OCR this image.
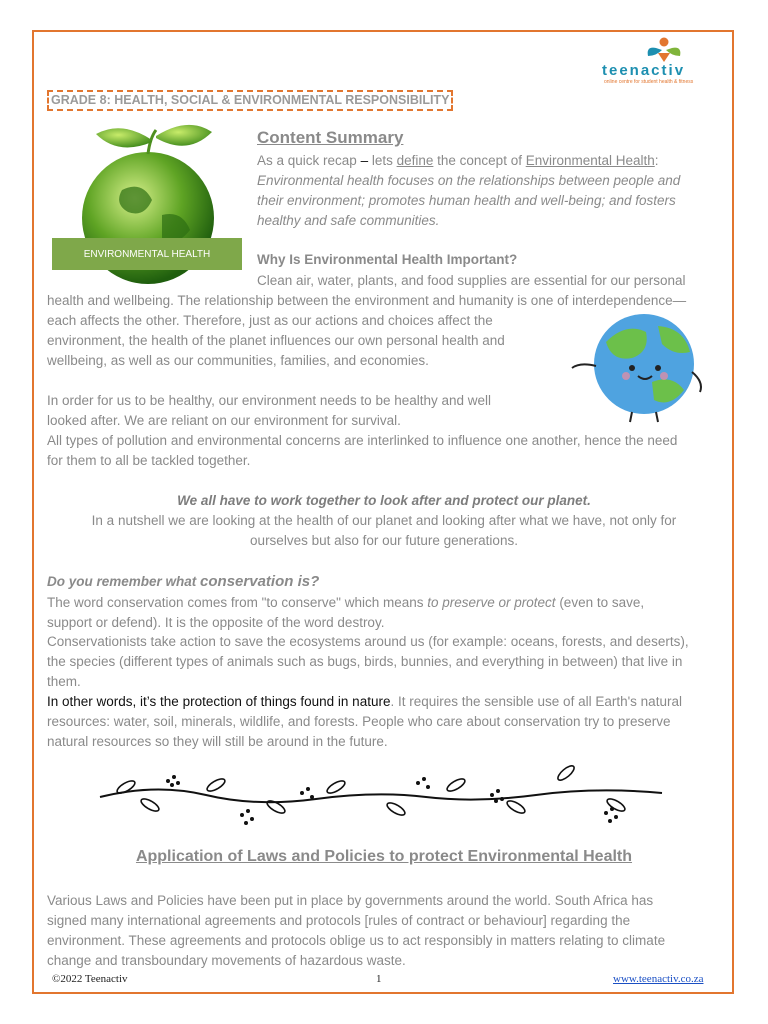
teenactiv
online centre for student health & fitness
GRADE 8: HEALTH, SOCIAL & ENVIRONMENTAL RESPONSIBILITY
ENVIRONMENTAL HEALTH
Content Summary

As a quick recap – lets define the concept of Environmental Health:

Environmental health focuses on the relationships between people and

their environment; promotes human health and well-being; and fosters

healthy and safe communities.

Why Is Environmental Health Important?
Clean air, water, plants, and food supplies are essential for our personal
health and wellbeing. The relationship between the environment and humanity is one of interdependence—
each affects the other. Therefore, just as our actions and choices affect the
environment, the health of the planet influences our own personal health and
wellbeing, as well as our communities, families, and economies.
In order for us to be healthy, our environment needs to be healthy and well
looked after. We are reliant on our environment for survival.
All types of pollution and environmental concerns are interlinked to influence one another, hence the need
for them to all be tackled together.
We all have to work together to look after and protect our planet.
In a nutshell we are looking at the health of our planet and looking after what we have, not only for
ourselves but also for our future generations.
Do you remember what conservation is?
The word conservation comes from "to conserve" which means to preserve or protect (even to save,
support or defend). It is the opposite of the word destroy.
Conservationists take action to save the ecosystems around us (for example: oceans, forests, and deserts),
the species (different types of animals such as bugs, birds, bunnies, and everything in between) that live in
them.
In other words, it’s the protection of things found in nature. It requires the sensible use of all Earth's natural
resources: water, soil, minerals, wildlife, and forests. People who care about conservation try to preserve
natural resources so they will still be around in the future.
Application of Laws and Policies to protect Environmental Health
Various Laws and Policies have been put in place by governments around the world. South Africa has
signed many international agreements and protocols [rules of contract or behaviour] regarding the
environment. These agreements and protocols oblige us to act responsibly in matters relating to climate
change and transboundary movements of hazardous waste.
©2022 Teenactiv	1	www.teenactiv.co.za
